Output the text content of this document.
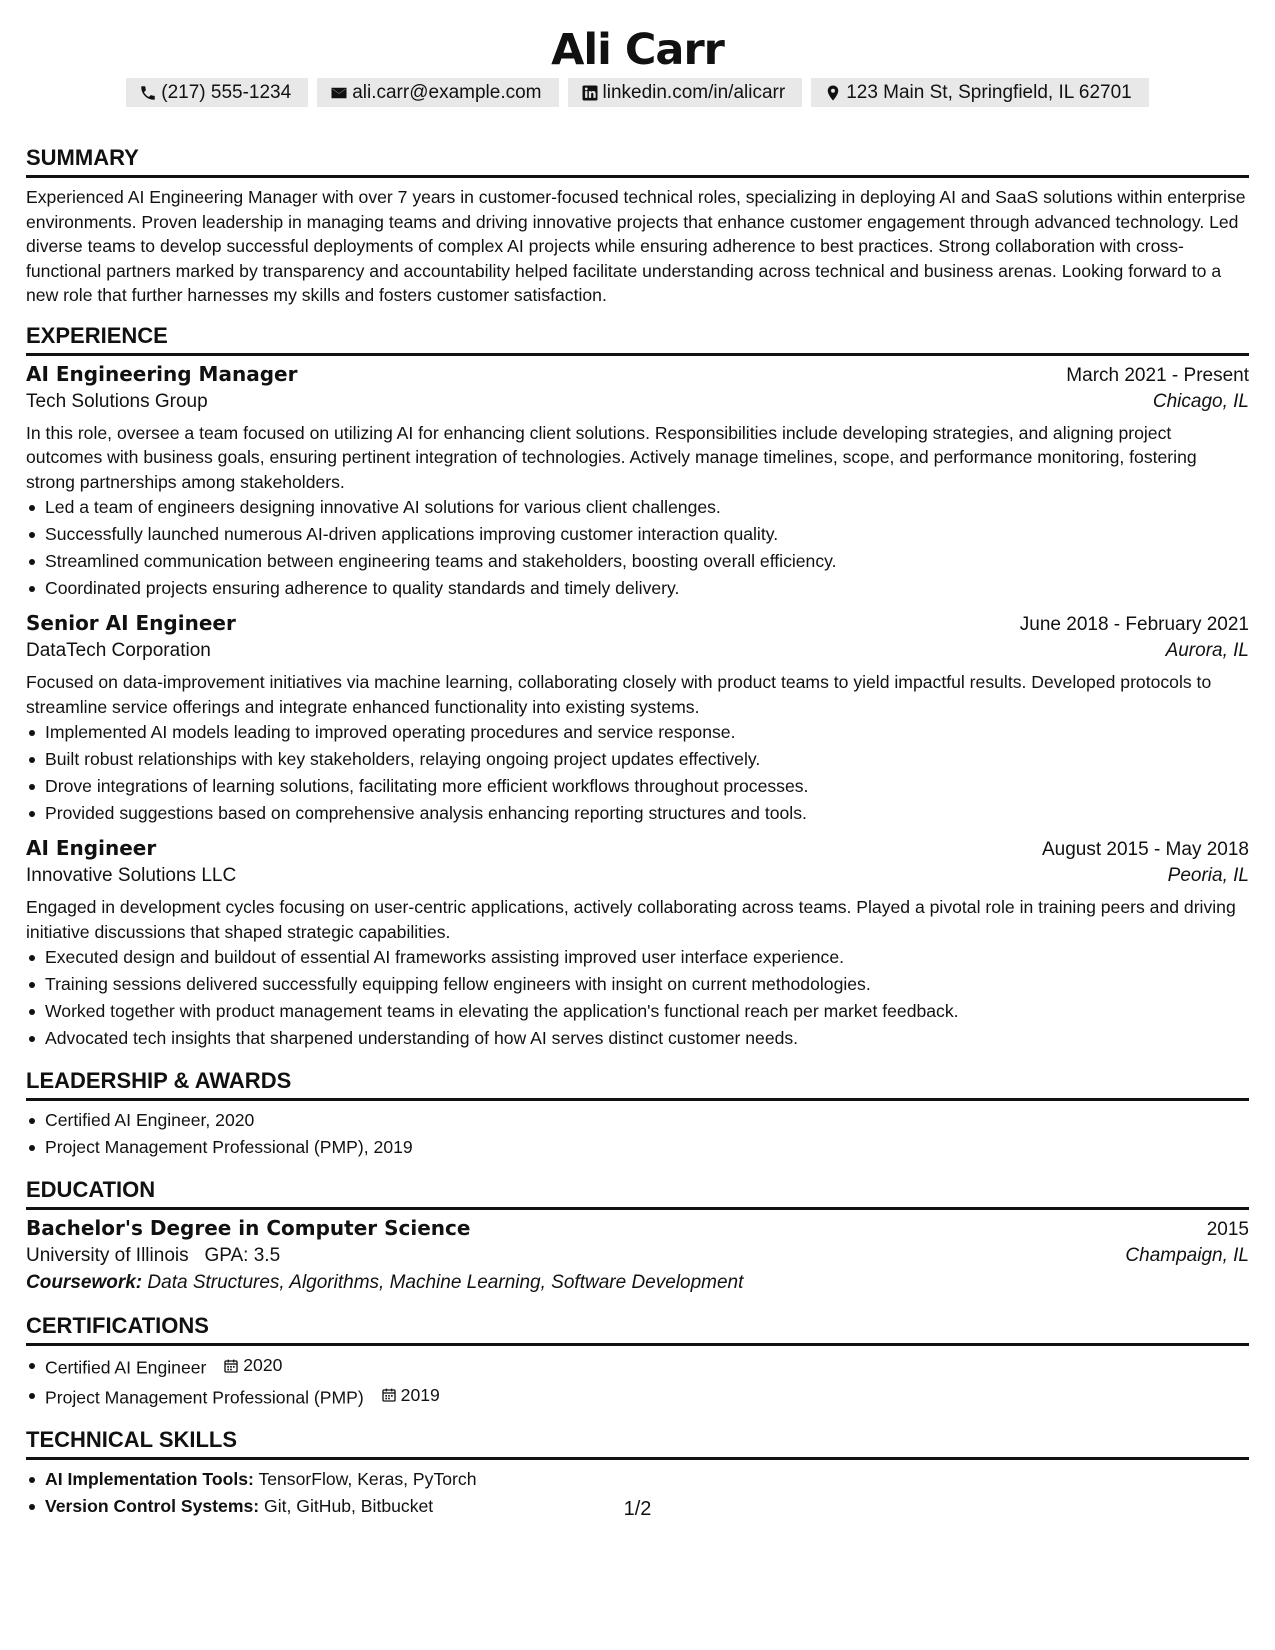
Ali Carr
(217) 555-1234	ali.carr@example.com	linkedin.com/in/alicarr	123 Main St, Springfield, IL 62701
SUMMARY

Experienced AI Engineering Manager with over 7 years in customer-focused technical roles, specializing in deploying AI and SaaS solutions within enterprise environments. Proven leadership in managing teams and driving innovative projects that enhance customer engagement through advanced technology. Led diverse teams to develop successful deployments of complex AI projects while ensuring adherence to best practices. Strong collaboration with cross-functional partners marked by transparency and accountability helped facilitate understanding across technical and business arenas. Looking forward to a new role that further harnesses my skills and fosters customer satisfaction.

EXPERIENCE
AI Engineering Manager	March 2021 - Present
Tech Solutions Group	Chicago, IL

In this role, oversee a team focused on utilizing AI for enhancing client solutions. Responsibilities include developing strategies, and aligning project outcomes with business goals, ensuring pertinent integration of technologies. Actively manage timelines, scope, and performance monitoring, fostering strong partnerships among stakeholders.

Led a team of engineers designing innovative AI solutions for various client challenges.
Successfully launched numerous AI-driven applications improving customer interaction quality.
Streamlined communication between engineering teams and stakeholders, boosting overall efficiency.
Coordinated projects ensuring adherence to quality standards and timely delivery.
Senior AI Engineer	June 2018 - February 2021
DataTech Corporation	Aurora, IL

Focused on data-improvement initiatives via machine learning, collaborating closely with product teams to yield impactful results. Developed protocols to streamline service offerings and integrate enhanced functionality into existing systems.

Implemented AI models leading to improved operating procedures and service response.
Built robust relationships with key stakeholders, relaying ongoing project updates effectively.
Drove integrations of learning solutions, facilitating more efficient workflows throughout processes.
Provided suggestions based on comprehensive analysis enhancing reporting structures and tools.
AI Engineer	August 2015 - May 2018
Innovative Solutions LLC	Peoria, IL

Engaged in development cycles focusing on user-centric applications, actively collaborating across teams. Played a pivotal role in training peers and driving initiative discussions that shaped strategic capabilities.

Executed design and buildout of essential AI frameworks assisting improved user interface experience.
Training sessions delivered successfully equipping fellow engineers with insight on current methodologies.
Worked together with product management teams in elevating the application's functional reach per market feedback.
Advocated tech insights that sharpened understanding of how AI serves distinct customer needs.
LEADERSHIP & AWARDS
Certified AI Engineer, 2020
Project Management Professional (PMP), 2019
EDUCATION
Bachelor's Degree in Computer Science	2015
University of Illinois GPA: 3.5	Champaign, IL
Coursework: Data Structures, Algorithms, Machine Learning, Software Development
CERTIFICATIONS
Certified AI Engineer 2020
Project Management Professional (PMP) 2019
TECHNICAL SKILLS
AI Implementation Tools: TensorFlow, Keras, PyTorch
Version Control Systems: Git, GitHub, Bitbucket	1/2
